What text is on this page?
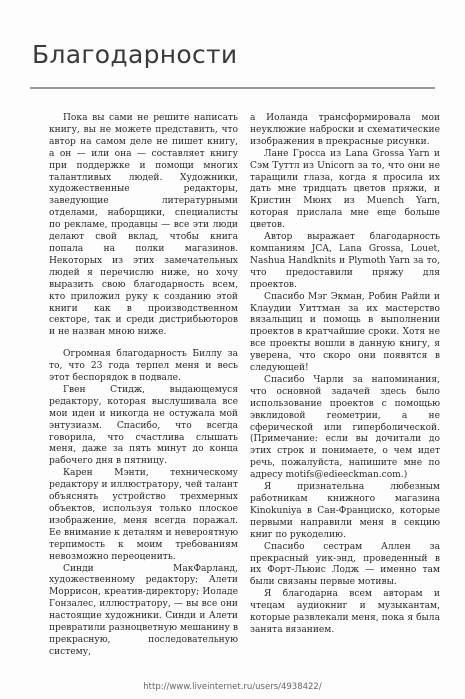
Благодарности

Пока вы сами не решите написать книгу, вы не можете представить, что автор на самом деле не пишет книгу, а он — или она — составляет книгу при поддержке и помощи многих талантливых людей. Художники, художественные редакторы, заведующие литературными отделами, наборщики, специалисты по рекламе, продавцы — все эти люди делают свой вклад, чтобы книга попала на полки магазинов. Некоторых из этих замечательных людей я перечислю ниже, но хочу выразить свою благодарность всем, кто приложил руку к созданию этой книги как в производственном секторе, так и среди дистрибьюторов и не назван мною ниже.

Огромная благодарность Биллу за то, что 23 года терпел меня и весь этот беспорядок в подвале.

Гвен Стидж, выдающемуся редактору, которая выслушивала все мои идеи и никогда не остужала мой энтузиазм. Спасибо, что всегда говорила, что счастлива слышать меня, даже за пять минут до конца рабочего дня в пятницу.

Карен Мэнти, техническому редактору и иллюстратору, чей талант объяснять устройство трехмерных объектов, используя только плоское изображение, меня всегда поражал. Ее внимание к деталям и невероятную терпимость к моим требованиям невозможно переоценить.

Синди МакФарланд, художественному редактору; Алети Моррисон, креатив-директору; Иоладе Гонзалес, иллюстратору, — вы все они настоящие художники. Синди и Алети превратили разноцветную мешанину в прекрасную, последовательную систему,

а Иоланда трансформировала мои неуклюжие наброски и схематические изображения в прекрасные рисунки.

Лане Гросса из Lana Grossa Yarn и Сэм Туттл из Unicorn за то, что они не таращили глаза, когда я просила их дать мне тридцать цветов пряжи, и Кристин Мюнх из Muench Yarn, которая прислала мне еще больше цветов.

Автор выражает благодарность компаниям JCA, Lana Grossa, Louet, Nashua Handknits и Plymoth Yarn за то, что предоставили пряжу для проектов.

Спасибо Мэг Экман, Робин Райли и Клаудии Уиттман за их мастерство вязальщиц и помощь в выполнении проектов в кратчайшие сроки. Хотя не все проекты вошли в данную книгу, я уверена, что скоро они появятся в следующей!

Спасибо Чарли за напоминания, что основной задачей здесь было использование проектов с помощью эвклидовой геометрии, а не сферической или гиперболической. (Примечание: если вы дочитали до этих строк и понимаете, о чем идет речь, пожалуйста, напишите мне по адресу motifs@edieeckman.com.)

Я признательна любезным работникам книжного магазина Kinokuniya в Сан-Франциско, которые первыми направили меня в секцию книг по рукоделию.

Спасибо сестрам Аллен за прекрасный уик-энд, проведенный в их Форт-Льюис Лодж — именно там были связаны первые мотивы.

Я благодарна всем авторам и чтецам аудиокниг и музыкантам, которые развлекали меня, пока я была занята вязанием.

http://www.liveinternet.ru/users/4938422/
